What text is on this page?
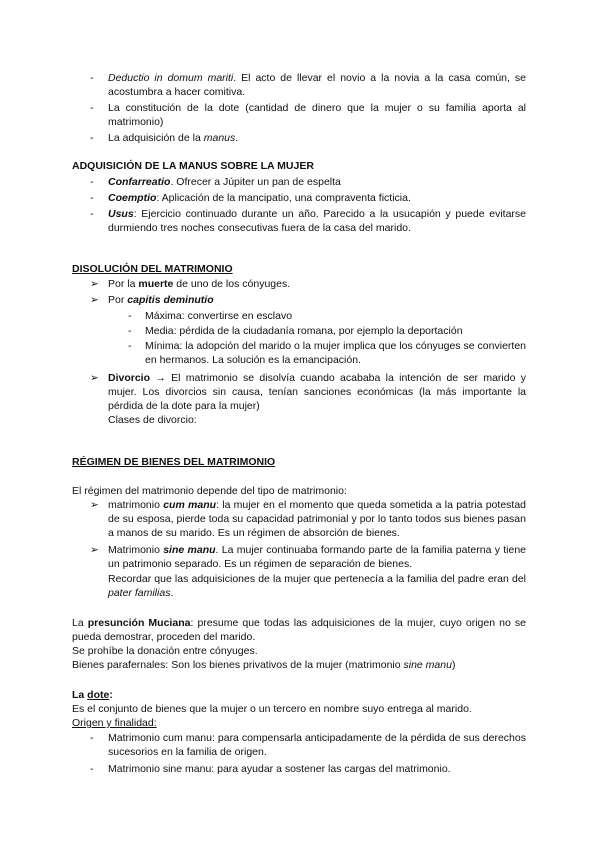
-	Deductio in domum mariti. El acto de llevar el novio a la novia a la casa común, se acostumbra a hacer comitiva.

-	La constitución de la dote (cantidad de dinero que la mujer o su familia aporta al matrimonio)

-	La adquisición de la manus.

ADQUISICIÓN DE LA MANUS SOBRE LA MUJER

-	Confarreatio. Ofrecer a Júpiter un pan de espelta

-	Coemptio: Aplicación de la mancipatio, una compraventa ficticia.

-	Usus: Ejercicio continuado durante un año. Parecido a la usucapión y puede evitarse durmiendo tres noches consecutivas fuera de la casa del marido.

DISOLUCIÓN DEL MATRIMONIO

➢ Por la muerte de uno de los cónyuges.

➢ Por capitis deminutio

-	Máxima: convertirse en esclavo

-	Media: pérdida de la ciudadanía romana, por ejemplo la deportación

-	Mínima: la adopción del marido o la mujer implica que los cónyuges se convierten en hermanos. La solución es la emancipación.

➢ Divorcio → El matrimonio se disolvía cuando acababa la intención de ser marido y mujer. Los divorcios sin causa, tenían sanciones económicas (la más importante la pérdida de la dote para la mujer)

Clases de divorcio:

RÉGIMEN DE BIENES DEL MATRIMONIO

El régimen del matrimonio depende del tipo de matrimonio:

➢ matrimonio cum manu: la mujer en el momento que queda sometida a la patria potestad de su esposa, pierde toda su capacidad patrimonial y por lo tanto todos sus bienes pasan a manos de su marido. Es un régimen de absorción de bienes.

➢ Matrimonio sine manu. La mujer continuaba formando parte de la familia paterna y tiene un patrimonio separado. Es un régimen de separación de bienes.

Recordar que las adquisiciones de la mujer que pertenecía a la familia del padre eran del pater familias.

La presunción Muciana: presume que todas las adquisiciones de la mujer, cuyo origen no se pueda demostrar, proceden del marido.

Se prohíbe la donación entre cónyuges.

Bienes parafernales: Son los bienes privativos de la mujer (matrimonio sine manu)

La dote:

Es el conjunto de bienes que la mujer o un tercero en nombre suyo entrega al marido.

Origen y finalidad:

-	Matrimonio cum manu: para compensarla anticipadamente de la pérdida de sus derechos sucesorios en la familia de origen.

-	Matrimonio sine manu: para ayudar a sostener las cargas del matrimonio.
